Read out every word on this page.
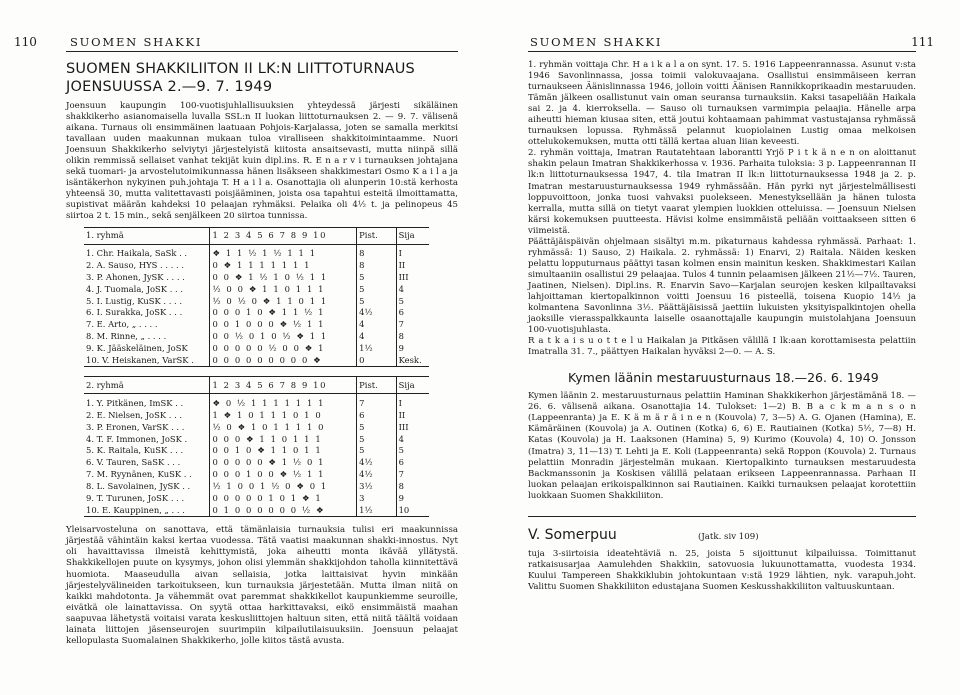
110	SUOMEN SHAKKI
SUOMEN SHAKKILIITON II LK:N LIITTOTURNAUS
JOENSUUSSA 2.—9. 7. 1949

Joensuun kaupungin 100-vuotisjuhlallisuuksien yhteydessä järjesti sikäläinen shakkikerho asianomaisella luvalla SSL:n II luokan liittoturnauksen 2. — 9. 7. välisenä aikana. Turnaus oli ensimmäinen laatuaan Pohjois-Karjalassa, joten se samalla merkitsi tavallaan uuden maakunnan mukaan tuloa viralliseen shakkitoimintaamme. Nuori Joensuun Shakkikerho selviytyi järjestelyistä kiitosta ansaitsevasti, mutta niinpä sillä olikin remmissä sellaiset vanhat tekijät kuin dipl.ins. R. E n a r v i turnauksen johtajana sekä tuomari- ja arvostelutoimikunnassa hänen lisäkseen shakkimestari Osmo K a i l a ja isäntäkerhon nykyinen puh.johtaja T. H a i l a. Osanottajia oli alunperin 10:stä kerhosta yhteensä 30, mutta valitettavasti poisjääminen, joista osa tapahtui esteitä ilmoittamatta, supistivat määrän kahdeksi 10 pelaajan ryhmäksi. Pelaika oli 4½ t. ja pelinopeus 45 siirtoa 2 t. 15 min., sekä senjälkeen 20 siirtoa tunnissa.

1. ryhmä	1 2 3 4 5 6 7 8 9 10	Pist.	Sija
1. Chr. Haikala, SaSk . .	❖ 1 1 ½ 1 ½ 1 1 1	8	I
2. A. Sauso, HYS . . . . .	0 ❖ 1 1 1 1 1 1 1	8	II
3. P. Ahonen, JySK . . . .	0 0 ❖ 1 ½ 1 0 ½ 1 1	5	III
4. J. Tuomala, JoSK . . .	½ 0 0 ❖ 1 1 0 1 1 1	5	4
5. I. Lustig, KuSK . . . .	½ 0 ½ 0 ❖ 1 1 0 1 1	5	5
6. I. Surakka, JoSK . . .	0 0 0 1 0 ❖ 1 1 ½ 1	4½	6
7. E. Arto, „ . . . .	0 0 1 0 0 0 ❖ ½ 1 1	4	7
8. M. Rinne, „ . . . .	0 0 ½ 0 1 0 ½ ❖ 1 1	4	8
9. K. Jääskeläinen, JoSK	0 0 0 0 0 ½ 0 0 ❖ 1	1½	9
10. V. Heiskanen, VarSK .	0 0 0 0 0 0 0 0 0 ❖	0	Kesk.
2. ryhmä	1 2 3 4 5 6 7 8 9 10	Pist.	Sija
1. Y. Pitkänen, ImSK . .	❖ 0 ½ 1 1 1 1 1 1 1	7	I
2. E. Nielsen, JoSK . . .	1 ❖ 1 0 1 1 1 0 1 0	6	II
3. P. Eronen, VarSK . . .	½ 0 ❖ 1 0 1 1 1 1 0	5	III
4. T. F. Immonen, JoSK .	0 0 0 ❖ 1 1 0 1 1 1	5	4
5. K. Raitala, KuSK . . .	0 0 1 0 ❖ 1 1 0 1 1	5	5
6. V. Tauren, SaSK . . .	0 0 0 0 0 ❖ 1 ½ 0 1	4½	6
7. M. Ryynänen, KuSK . .	0 0 0 1 0 0 ❖ ½ 1 1	4½	7
8. L. Savolainen, JySK . .	½ 1 0 0 1 ½ 0 ❖ 0 1	3½	8
9. T. Turunen, JoSK . . .	0 0 0 0 0 1 0 1 ❖ 1	3	9
10. E. Kauppinen, „ . . .	0 1 0 0 0 0 0 0 ½ ❖	1½	10

Yleisarvosteluna on sanottava, että tämänlaisia turnauksia tulisi eri maakunnissa järjestää vähintäin kaksi kertaa vuodessa. Tätä vaatisi maakunnan shakki-innostus. Nyt oli havaittavissa ilmeistä kehittymistä, joka aiheutti monta ikävää yllätystä. Shakkikellojen puute on kysymys, johon olisi ylemmän shakkijohdon taholla kiinnitettävä huomiota. Maaseudulla aivan sellaisia, jotka laittaisivat hyvin minkään järjestelyvälineiden tarkoitukseen, kun turnauksia järjestetään. Mutta ilman niitä on kaikki mahdotonta. Ja vähemmät ovat paremmat shakkikellot kaupunkiemme seuroille, eivätkä ole lainattavissa. On syytä ottaa harkittavaksi, eikö ensimmäistä maahan saapuvaa lähetystä voitaisi varata keskusliittojen haltuun siten, että niitä täältä voidaan lainata liittojen jäsenseurojen suurimpiin kilpailutilaisuuksiin. Joensuun pelaajat kellopulasta Suomalainen Shakkikerho, jolle kiitos tästä avusta.

SUOMEN SHAKKI	111

1. ryhmän voittaja Chr. H a i k a l a on synt. 17. 5. 1916 Lappeenrannassa. Asunut v:sta 1946 Savonlinnassa, jossa toimii valokuvaajana. Osallistui ensimmäiseen kerran turnaukseen Äänislinnassa 1946, jolloin voitti Äänisen Rannikkoprikaadin mestaruuden. Tämän jälkeen osallistunut vain oman seuransa turnauksiin. Kaksi tasapeliään Haikala sai 2. ja 4. kierroksella. — Sauso oli turnauksen varmimpia pelaajia. Hänelle arpa aiheutti hieman kiusaa siten, että joutui kohtaamaan pahimmat vastustajansa ryhmässä turnauksen lopussa. Ryhmässä pelannut kuopiolainen Lustig omaa melkoisen ottelukokemuksen, mutta otti tällä kertaa aluan liian keveesti.

2. ryhmän voittaja, Imatran Rautatehtaan laborantti Yrjö P i t k ä n e n on aloittanut shakin pelaun Imatran Shakkikerhossa v. 1936. Parhaita tuloksia: 3 p. Lappeenrannan II lk:n liittoturnauksessa 1947, 4. tila Imatran II lk:n liittoturnauksessa 1948 ja 2. p. Imatran mestaruusturnauksessa 1949 ryhmässään. Hän pyrki nyt järjestelmällisesti loppuvoittoon, jonka tuosi vahvaksi puolekseen. Menestyksellään ja hänen tulosta kerralla, mutta sillä on tietyt vaarat ylempien luokkien otteluissa. — Joensuun Nielsen kärsi kokemuksen puutteesta. Hävisi kolme ensimmäistä peliään voittaakseen sitten 6 viimeistä.

Päättäjäispäivän ohjelmaan sisältyi m.m. pikaturnaus kahdessa ryhmässä. Parhaat: 1. ryhmässä: 1) Sauso, 2) Haikala. 2. ryhmässä: 1) Enarvi, 2) Raitala. Näiden kesken pelattu lopputurnaus päättyi tasan kolmen ensin mainitun kesken. Shakkimestari Kailan simultaaniin osallistui 29 pelaajaa. Tulos 4 tunnin pelaamisen jälkeen 21½—7½. Tauren, Jaatinen, Nielsen). Dipl.ins. R. Enarvin Savo—Karjalan seurojen kesken kilpailtavaksi lahjoittaman kiertopalkinnon voitti Joensuu 16 pisteellä, toisena Kuopio 14½ ja kolmantena Savonlinna 3½. Päättäjäisissä jaettiin lukuisten yksityispalkintojen ohella jaoksille vierasspalkkaunta laiselle osaanottajalle kaupungin muistolahjana Joensuun 100-vuotisjuhlasta.

R a t k a i s u o t t e l u Haikalan ja Pitkäsen välillä I lk:aan korottamisesta pelattiin Imatralla 31. 7., päättyen Haikalan hyväksi 2—0. — A. S.

Kymen läänin mestaruusturnaus 18.—26. 6. 1949

Kymen läänin 2. mestaruusturnaus pelattiin Haminan Shakkikerhon järjestämänä 18. — 26. 6. välisenä aikana. Osanottajia 14. Tulokset: 1—2) B. B a c k m a n s o n (Lappeenranta) ja E. K ä m ä r ä i n e n (Kouvola) 7, 3—5) A. G. Ojanen (Hamina), E. Kämäräinen (Kouvola) ja A. Outinen (Kotka) 6, 6) E. Rautiainen (Kotka) 5½, 7—8) H. Katas (Kouvola) ja H. Laaksonen (Hamina) 5, 9) Kurimo (Kouvola) 4, 10) O. Jonsson (Imatra) 3, 11—13) T. Lehti ja E. Koli (Lappeenranta) sekä Roppon (Kouvola) 2. Turnaus pelattiin Monradin järjestelmän mukaan. Kiertopalkinto turnauksen mestaruudesta Backmanssonin ja Koskisen välillä pelataan erikseen Lappeenrannassa. Parhaan II luokan pelaajan erikoispalkinnon sai Rautiainen. Kaikki turnauksen pelaajat korotettiin luokkaan Suomen Shakkiliiton.

V. Somerpuu	(Jatk. siv 109)

tuja 3-siirtoisia ideatehtäviä n. 25, joista 5 sijoittunut kilpailuissa. Toimittanut ratkaisusarjaa Aamulehden Shakkiin, satovuosia lukuunottamatta, vuodesta 1934. Kuului Tampereen Shakkiklubin johtokuntaan v:stä 1929 lähtien, nyk. varapuh.joht. Valittu Suomen Shakkiliiton edustajana Suomen Keskusshakkiliiton valtuuskuntaan.
